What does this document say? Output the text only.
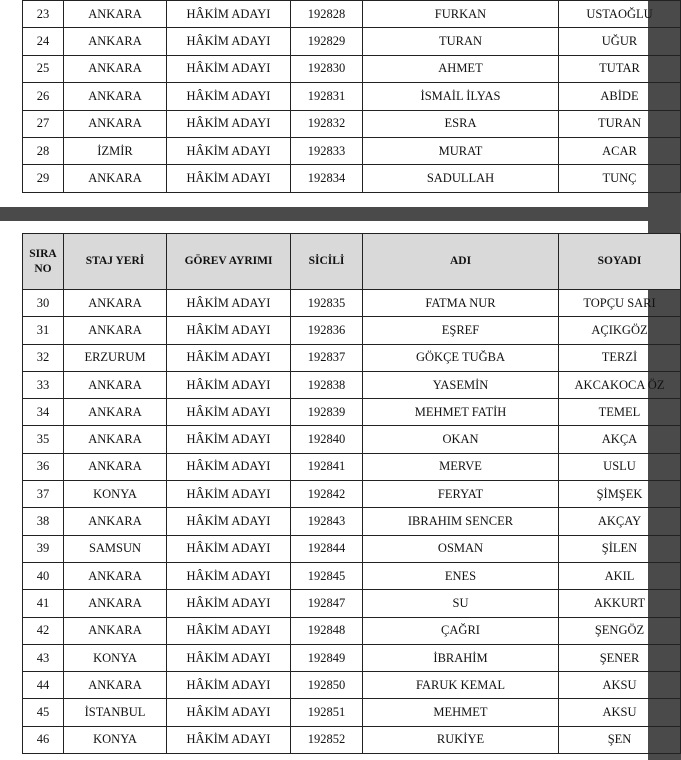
23	ANKARA	HÂKİM ADAYI	192828	FURKAN	USTAOĞLU
24	ANKARA	HÂKİM ADAYI	192829	TURAN	UĞUR
25	ANKARA	HÂKİM ADAYI	192830	AHMET	TUTAR
26	ANKARA	HÂKİM ADAYI	192831	İSMAİL İLYAS	ABİDE
27	ANKARA	HÂKİM ADAYI	192832	ESRA	TURAN
28	İZMİR	HÂKİM ADAYI	192833	MURAT	ACAR
29	ANKARA	HÂKİM ADAYI	192834	SADULLAH	TUNÇ
SIRA NO	STAJ YERİ	GÖREV AYRIMI	SİCİLİ	ADI	SOYADI
30	ANKARA	HÂKİM ADAYI	192835	FATMA NUR	TOPÇU SARI
31	ANKARA	HÂKİM ADAYI	192836	EŞREF	AÇIKGÖZ
32	ERZURUM	HÂKİM ADAYI	192837	GÖKÇE TUĞBA	TERZİ
33	ANKARA	HÂKİM ADAYI	192838	YASEMİN	AKCAKOCA ÖZ
34	ANKARA	HÂKİM ADAYI	192839	MEHMET FATİH	TEMEL
35	ANKARA	HÂKİM ADAYI	192840	OKAN	AKÇA
36	ANKARA	HÂKİM ADAYI	192841	MERVE	USLU
37	KONYA	HÂKİM ADAYI	192842	FERYAT	ŞİMŞEK
38	ANKARA	HÂKİM ADAYI	192843	IBRAHIM SENCER	AKÇAY
39	SAMSUN	HÂKİM ADAYI	192844	OSMAN	ŞİLEN
40	ANKARA	HÂKİM ADAYI	192845	ENES	AKIL
41	ANKARA	HÂKİM ADAYI	192847	SU	AKKURT
42	ANKARA	HÂKİM ADAYI	192848	ÇAĞRI	ŞENGÖZ
43	KONYA	HÂKİM ADAYI	192849	İBRAHİM	ŞENER
44	ANKARA	HÂKİM ADAYI	192850	FARUK KEMAL	AKSU
45	İSTANBUL	HÂKİM ADAYI	192851	MEHMET	AKSU
46	KONYA	HÂKİM ADAYI	192852	RUKİYE	ŞEN
